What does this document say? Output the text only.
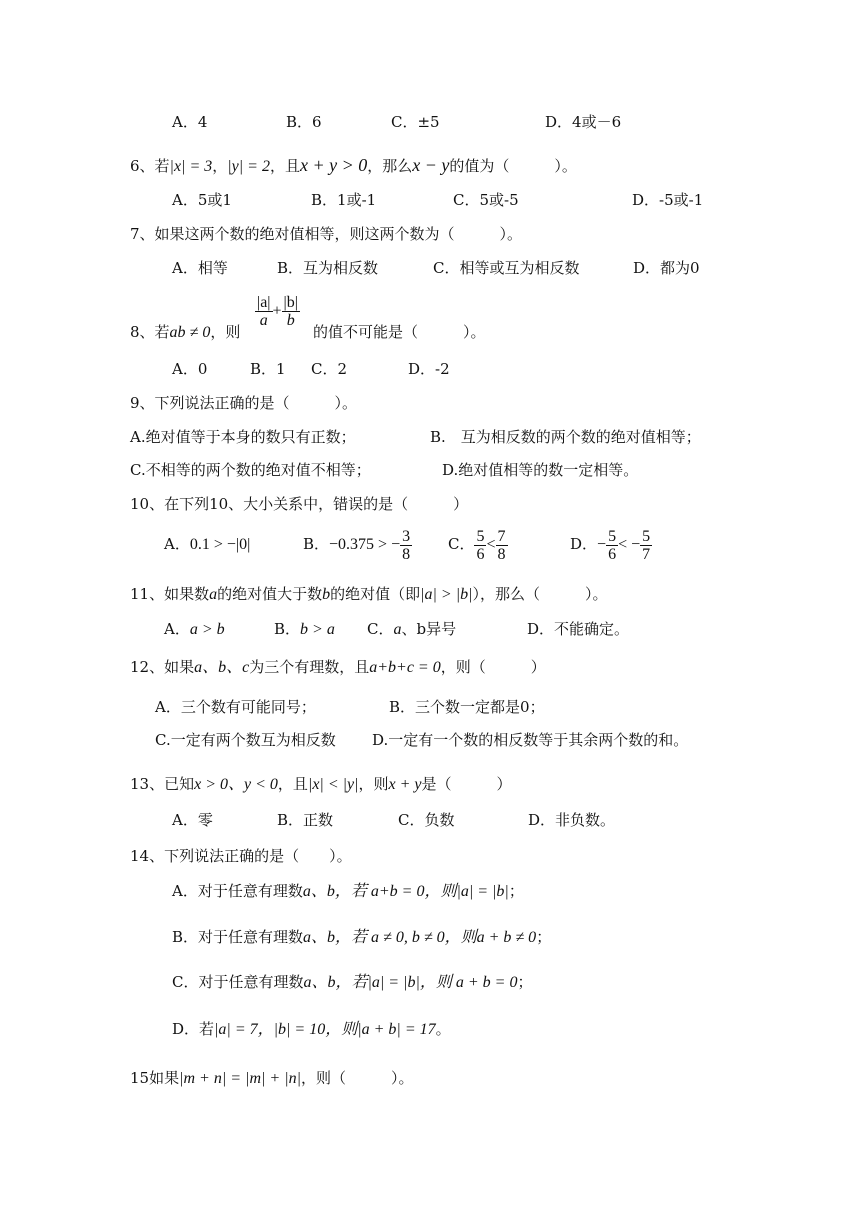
A．4	B．6	C．±5	D．4或－6
6、若|x| = 3，|y| = 2，且x + y > 0，那么x − y的值为（　　　）。
A．5或1	B．1或-1	C．5或-5	D．-5或-1
7、如果这两个数的绝对值相等，则这两个数为（　　　）。
A．相等	B．互为相反数	C．相等或互为相反数	D．都为0
8、若ab ≠ 0，则
$\frac{|a|}{a} + \frac{|b|}{b}$
的值不可能是（　　　）。
A．0	B．1 C．2	D．-2
9、下列说法正确的是（　　　）。
A.绝对值等于本身的数只有正数；	B.　互为相反数的两个数的绝对值相等；
C.不相等的两个数的绝对值不相等；	D.绝对值相等的数一定相等。
10、在下列10、大小关系中，错误的是（　　　）
A．0.1 > −|0|	B．−0.375 > − $\frac{3}{8}$ C． $\frac{5}{6} < \frac{7}{8}$	D．− $\frac{5}{6}$ < − $\frac{5}{7}$
11、如果数a的绝对值大于数b的绝对值（即|a| > |b|），那么（　　　）。
A．a > b	B．b > a C．a、b异号	D．不能确定。
12、如果a、b、c为三个有理数，且a+b+c = 0，则（　　　）
A．三个数有可能同号；	B．三个数一定都是0；
C.一定有两个数互为相反数 D.一定有一个数的相反数等于其余两个数的和。
13、已知x > 0、y < 0，且|x| < |y|，则x + y是（　　　）
A．零	B．正数	C．负数	D．非负数。
14、下列说法正确的是（　　）。
A．对于任意有理数a、b，若 a+b = 0，则|a| = |b|；
B．对于任意有理数a、b，若 a ≠ 0, b ≠ 0，则a + b ≠ 0；
C．对于任意有理数a、b，若|a| = |b|，则 a + b = 0；
D．若|a| = 7，|b| = 10，则|a + b| = 17。
15如果|m + n| = |m| + |n|，则（　　　）。
